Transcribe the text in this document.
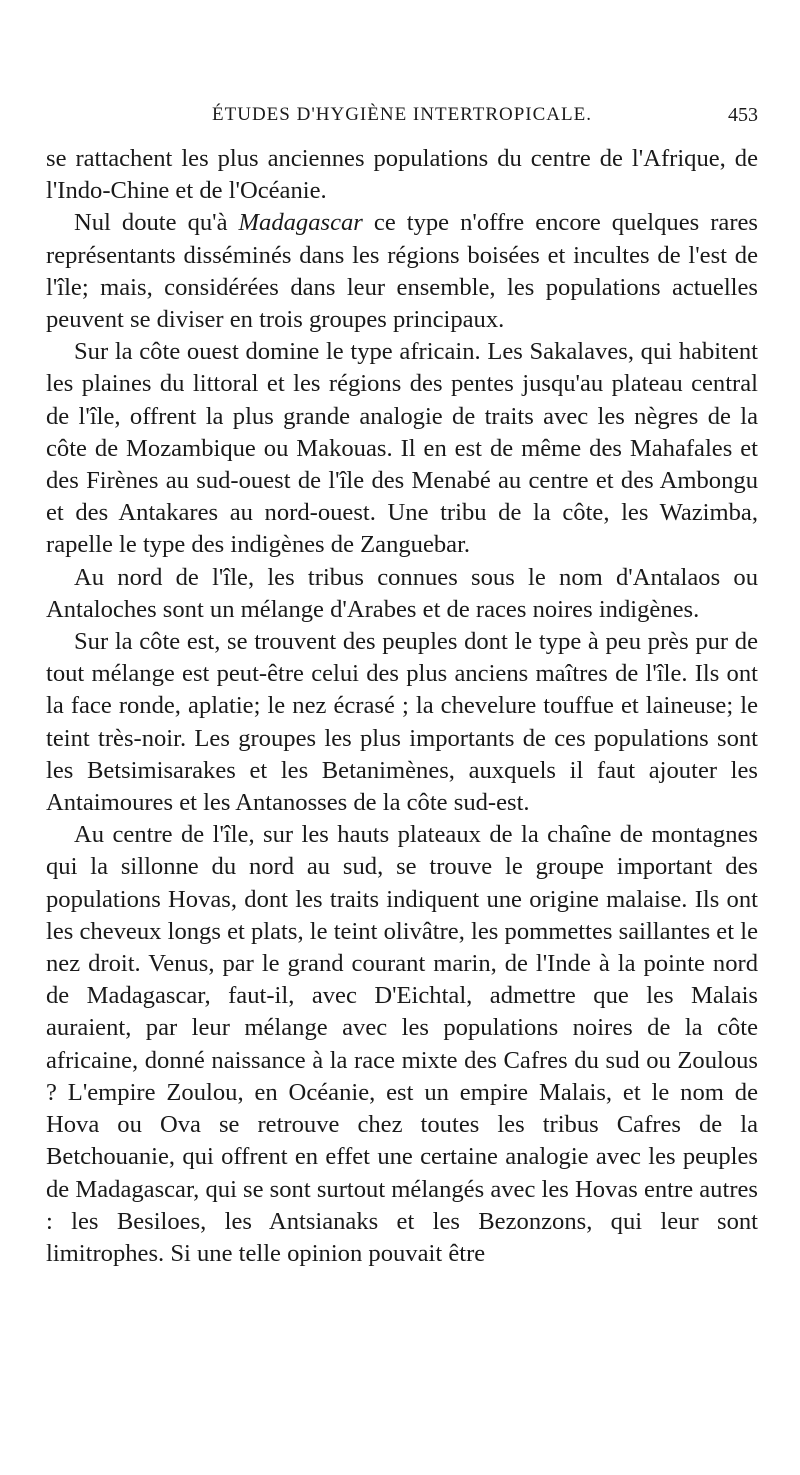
ÉTUDES D'HYGIÈNE INTERTROPICALE.	453

se rattachent les plus anciennes populations du centre de l'Afrique, de l'Indo-Chine et de l'Océanie.

Nul doute qu'à Madagascar ce type n'offre encore quelques rares représentants disséminés dans les régions boisées et incultes de l'est de l'île; mais, considérées dans leur ensemble, les populations actuelles peuvent se diviser en trois groupes principaux.

Sur la côte ouest domine le type africain. Les Sakalaves, qui habitent les plaines du littoral et les régions des pentes jusqu'au plateau central de l'île, offrent la plus grande analogie de traits avec les nègres de la côte de Mozambique ou Makouas. Il en est de même des Mahafales et des Firènes au sud-ouest de l'île des Menabé au centre et des Ambongu et des Antakares au nord-ouest. Une tribu de la côte, les Wazimba, rapelle le type des indigènes de Zanguebar.

Au nord de l'île, les tribus connues sous le nom d'Antalaos ou Antaloches sont un mélange d'Arabes et de races noires indigènes.

Sur la côte est, se trouvent des peuples dont le type à peu près pur de tout mélange est peut-être celui des plus anciens maîtres de l'île. Ils ont la face ronde, aplatie; le nez écrasé ; la chevelure touffue et laineuse; le teint très-noir. Les groupes les plus importants de ces populations sont les Betsimisarakes et les Betanimènes, auxquels il faut ajouter les Antaimoures et les Antanosses de la côte sud-est.

Au centre de l'île, sur les hauts plateaux de la chaîne de montagnes qui la sillonne du nord au sud, se trouve le groupe important des populations Hovas, dont les traits indiquent une origine malaise. Ils ont les cheveux longs et plats, le teint olivâtre, les pommettes saillantes et le nez droit. Venus, par le grand courant marin, de l'Inde à la pointe nord de Madagascar, faut-il, avec D'Eichtal, admettre que les Malais auraient, par leur mélange avec les populations noires de la côte africaine, donné naissance à la race mixte des Cafres du sud ou Zoulous ? L'empire Zoulou, en Océanie, est un empire Malais, et le nom de Hova ou Ova se retrouve chez toutes les tribus Cafres de la Betchouanie, qui offrent en effet une certaine analogie avec les peuples de Madagascar, qui se sont surtout mélangés avec les Hovas entre autres : les Besiloes, les Antsianaks et les Bezonzons, qui leur sont limitrophes. Si une telle opinion pouvait être
